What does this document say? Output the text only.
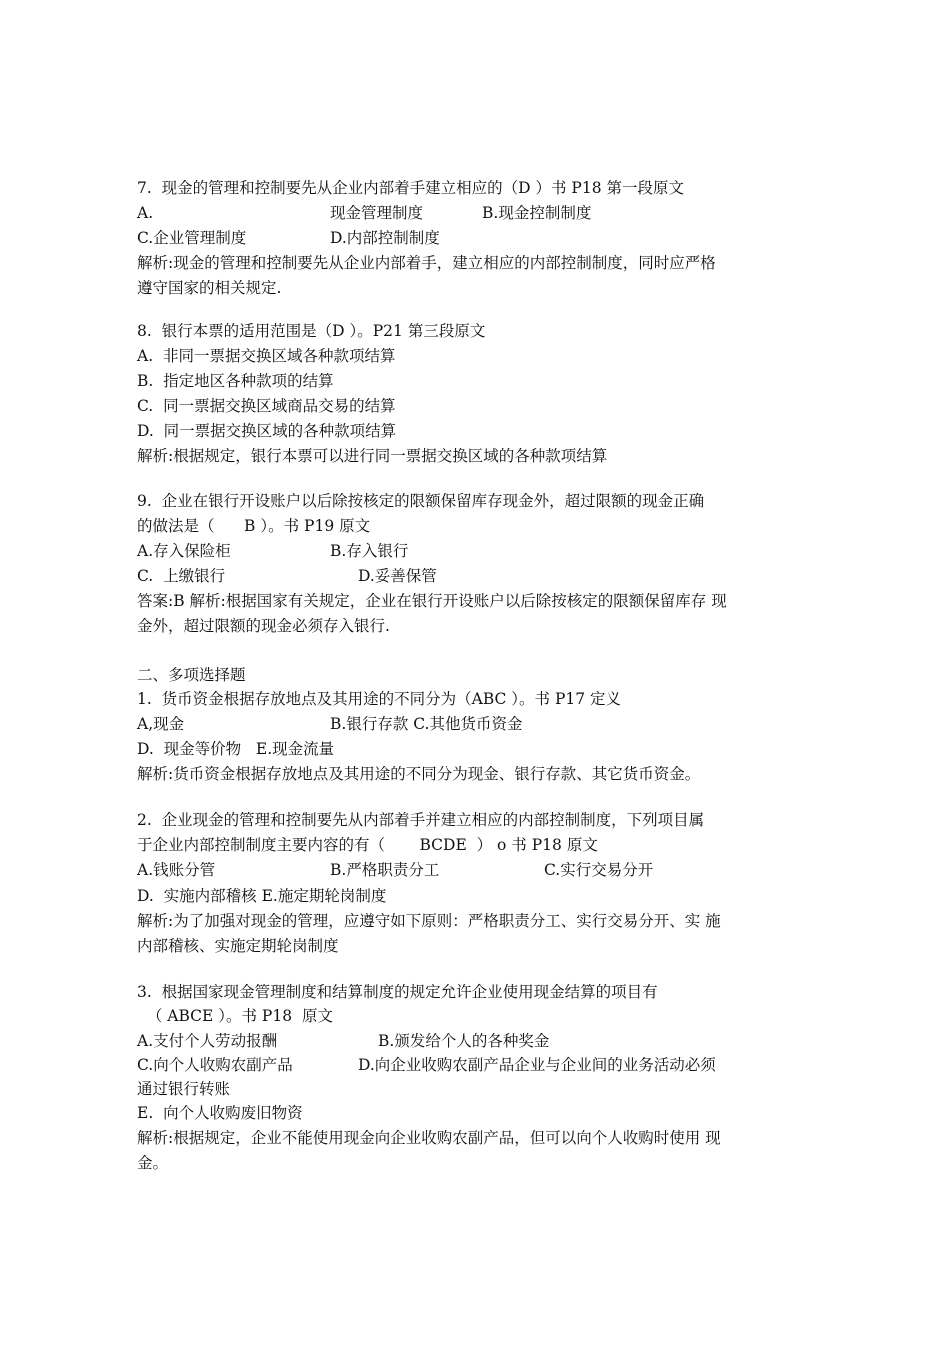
7.  现金的管理和控制要先从企业内部着手建立相应的（D ）书 P18 第一段原文
A.	现金管理制度	B.现金控制制度
C.企业管理制度	D.内部控制制度
解析:现金的管理和控制要先从企业内部着手，建立相应的内部控制制度，同时应严格
遵守国家的相关规定.
8.  银行本票的适用范围是（D ）。P21 第三段原文
A.  非同一票据交换区域各种款项结算
B.  指定地区各种款项的结算
C.  同一票据交换区域商品交易的结算
D.  同一票据交换区域的各种款项结算
解析:根据规定，银行本票可以进行同一票据交换区域的各种款项结算
9.  企业在银行开设账户以后除按核定的限额保留库存现金外，超过限额的现金正确
的做法是（      B ）。书 P19 原文
A.存入保险柜	B.存入银行
C.  上缴银行	D.妥善保管
答案:B 解析:根据国家有关规定，企业在银行开设账户以后除按核定的限额保留库存 现
金外，超过限额的现金必须存入银行.
二、多项选择题
1.  货币资金根据存放地点及其用途的不同分为（ABC ）。书 P17 定义
A,现金	B.银行存款 C.其他货币资金
D.  现金等价物   E.现金流量
解析:货币资金根据存放地点及其用途的不同分为现金、银行存款、其它货币资金。
2.  企业现金的管理和控制要先从内部着手并建立相应的内部控制制度，下列项目属
于企业内部控制制度主要内容的有（       BCDE  ） o 书 P18 原文
A.钱账分管	B.严格职责分工	C.实行交易分开
D.  实施内部稽核 E.施定期轮岗制度
解析:为了加强对现金的管理，应遵守如下原则：严格职责分工、实行交易分开、实 施
内部稽核、实施定期轮岗制度
3.  根据国家现金管理制度和结算制度的规定允许企业使用现金结算的项目有
（ ABCE ）。书 P18  原文
A.支付个人劳动报酬	B.颁发给个人的各种奖金
C.向个人收购农副产品	D.向企业收购农副产品企业与企业间的业务活动必须
通过银行转账
E.  向个人收购废旧物资
解析:根据规定，企业不能使用现金向企业收购农副产品，但可以向个人收购时使用 现
金。
